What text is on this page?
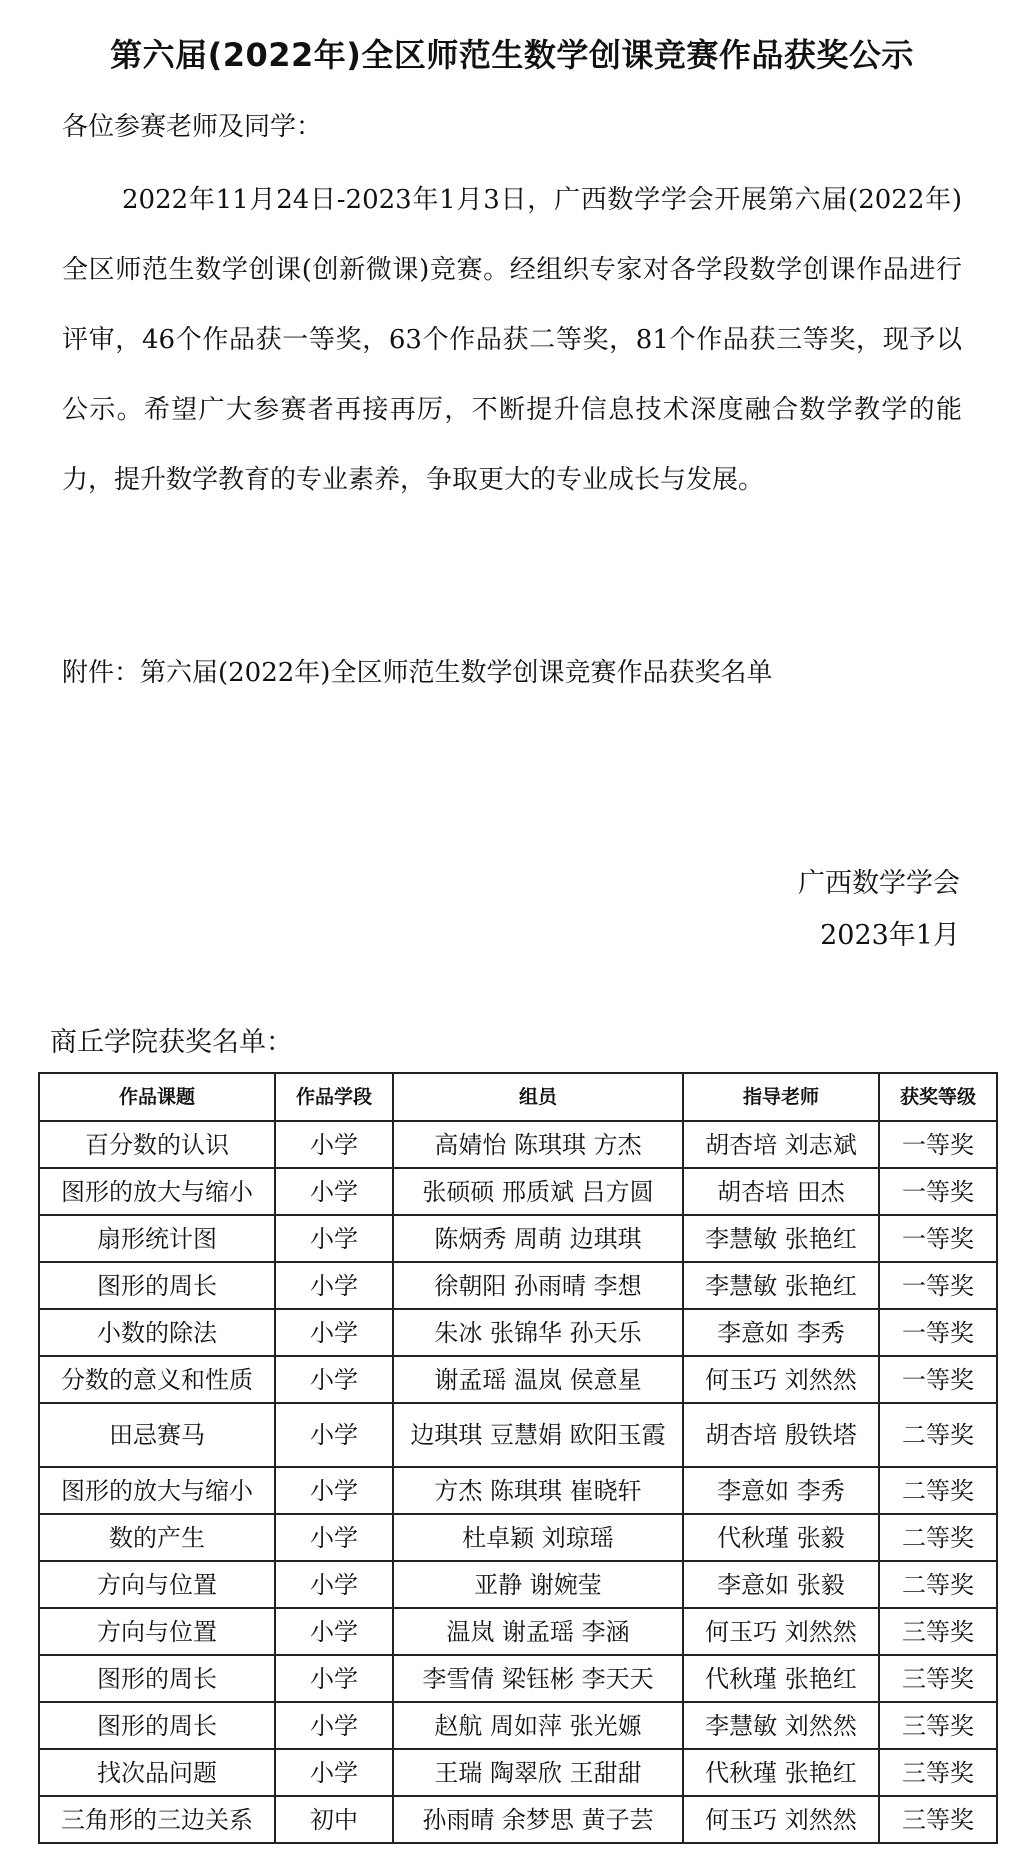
第六届(2022年)全区师范生数学创课竞赛作品获奖公示
各位参赛老师及同学：
2022年11月24日-2023年1月3日，广西数学学会开展第六届(2022年)全区师范生数学创课(创新微课)竞赛。经组织专家对各学段数学创课作品进行评审，46个作品获一等奖，63个作品获二等奖，81个作品获三等奖，现予以公示。希望广大参赛者再接再厉，不断提升信息技术深度融合数学教学的能力，提升数学教育的专业素养，争取更大的专业成长与发展。
附件：第六届(2022年)全区师范生数学创课竞赛作品获奖名单
广西数学学会
2023年1月
商丘学院获奖名单：
作品课题	作品学段	组员	指导老师	获奖等级
百分数的认识	小学	高婧怡 陈琪琪 方杰	胡杏培 刘志斌	一等奖
图形的放大与缩小	小学	张硕硕 邢质斌 吕方圆	胡杏培 田杰	一等奖
扇形统计图	小学	陈炳秀 周萌 边琪琪	李慧敏 张艳红	一等奖
图形的周长	小学	徐朝阳 孙雨晴 李想	李慧敏 张艳红	一等奖
小数的除法	小学	朱冰 张锦华 孙天乐	李意如 李秀	一等奖
分数的意义和性质	小学	谢孟瑶 温岚 侯意星	何玉巧 刘然然	一等奖
田忌赛马	小学	边琪琪 豆慧娟 欧阳玉霞	胡杏培 殷铁塔	二等奖
图形的放大与缩小	小学	方杰 陈琪琪 崔晓轩	李意如 李秀	二等奖
数的产生	小学	杜卓颖 刘琼瑶	代秋瑾 张毅	二等奖
方向与位置	小学	亚静 谢婉莹	李意如 张毅	二等奖
方向与位置	小学	温岚 谢孟瑶 李涵	何玉巧 刘然然	三等奖
图形的周长	小学	李雪倩 梁钰彬 李天天	代秋瑾 张艳红	三等奖
图形的周长	小学	赵航 周如萍 张光嫄	李慧敏 刘然然	三等奖
找次品问题	小学	王瑞 陶翠欣 王甜甜	代秋瑾 张艳红	三等奖
三角形的三边关系	初中	孙雨晴 余梦思 黄子芸	何玉巧 刘然然	三等奖
